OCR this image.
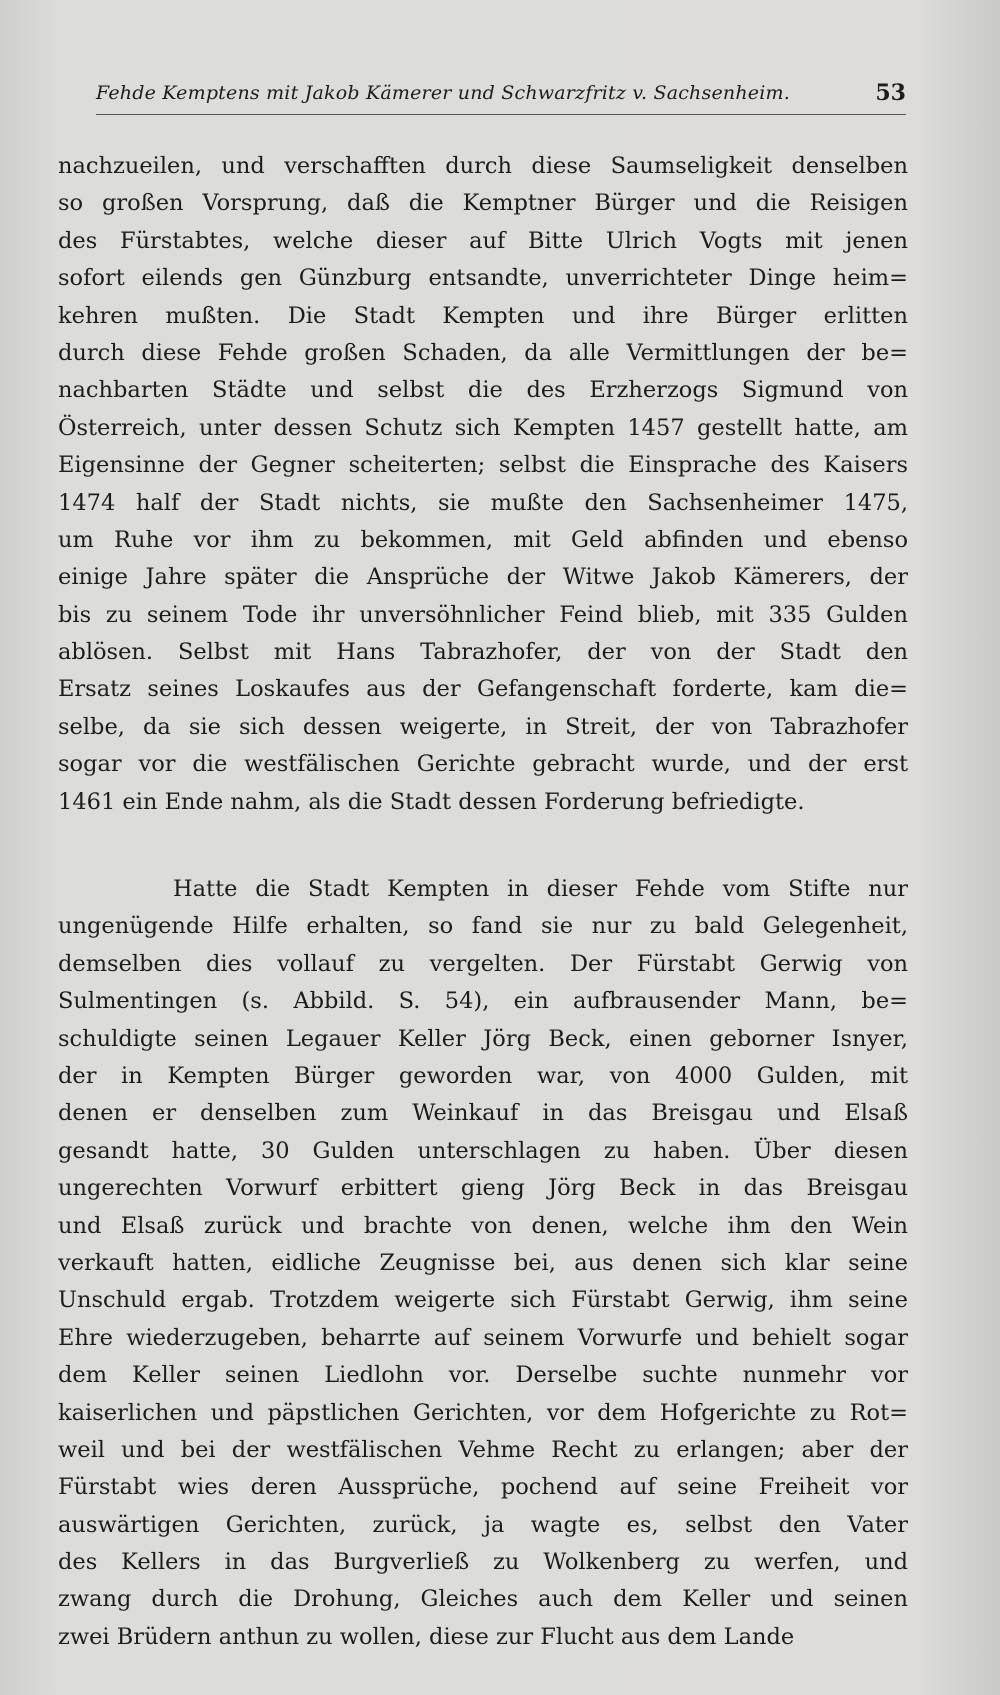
Fehde Kemptens mit Jakob Kämerer und Schwarzfritz v. Sachsenheim.	53
nachzueilen, und verschafften durch diese Saumseligkeit denselben
so großen Vorsprung, daß die Kemptner Bürger und die Reisigen
des Fürstabtes, welche dieser auf Bitte Ulrich Vogts mit jenen
sofort eilends gen Günzburg entsandte, unverrichteter Dinge heim=
kehren mußten. Die Stadt Kempten und ihre Bürger erlitten
durch diese Fehde großen Schaden, da alle Vermittlungen der be=
nachbarten Städte und selbst die des Erzherzogs Sigmund von
Österreich, unter dessen Schutz sich Kempten 1457 gestellt hatte, am
Eigensinne der Gegner scheiterten; selbst die Einsprache des Kaisers
1474 half der Stadt nichts, sie mußte den Sachsenheimer 1475,
um Ruhe vor ihm zu bekommen, mit Geld abfinden und ebenso
einige Jahre später die Ansprüche der Witwe Jakob Kämerers, der
bis zu seinem Tode ihr unversöhnlicher Feind blieb, mit 335 Gulden
ablösen. Selbst mit Hans Tabrazhofer, der von der Stadt den
Ersatz seines Loskaufes aus der Gefangenschaft forderte, kam die=
selbe, da sie sich dessen weigerte, in Streit, der von Tabrazhofer
sogar vor die westfälischen Gerichte gebracht wurde, und der erst
1461 ein Ende nahm, als die Stadt dessen Forderung befriedigte.
Hatte die Stadt Kempten in dieser Fehde vom Stifte nur
ungenügende Hilfe erhalten, so fand sie nur zu bald Gelegenheit,
demselben dies vollauf zu vergelten. Der Fürstabt Gerwig von
Sulmentingen (s. Abbild. S. 54), ein aufbrausender Mann, be=
schuldigte seinen Legauer Keller Jörg Beck, einen geborner Isnyer,
der in Kempten Bürger geworden war, von 4000 Gulden, mit
denen er denselben zum Weinkauf in das Breisgau und Elsaß
gesandt hatte, 30 Gulden unterschlagen zu haben. Über diesen
ungerechten Vorwurf erbittert gieng Jörg Beck in das Breisgau
und Elsaß zurück und brachte von denen, welche ihm den Wein
verkauft hatten, eidliche Zeugnisse bei, aus denen sich klar seine
Unschuld ergab. Trotzdem weigerte sich Fürstabt Gerwig, ihm seine
Ehre wiederzugeben, beharrte auf seinem Vorwurfe und behielt sogar
dem Keller seinen Liedlohn vor. Derselbe suchte nunmehr vor
kaiserlichen und päpstlichen Gerichten, vor dem Hofgerichte zu Rot=
weil und bei der westfälischen Vehme Recht zu erlangen; aber der
Fürstabt wies deren Aussprüche, pochend auf seine Freiheit vor
auswärtigen Gerichten, zurück, ja wagte es, selbst den Vater
des Kellers in das Burgverließ zu Wolkenberg zu werfen, und
zwang durch die Drohung, Gleiches auch dem Keller und seinen
zwei Brüdern anthun zu wollen, diese zur Flucht aus dem Lande
